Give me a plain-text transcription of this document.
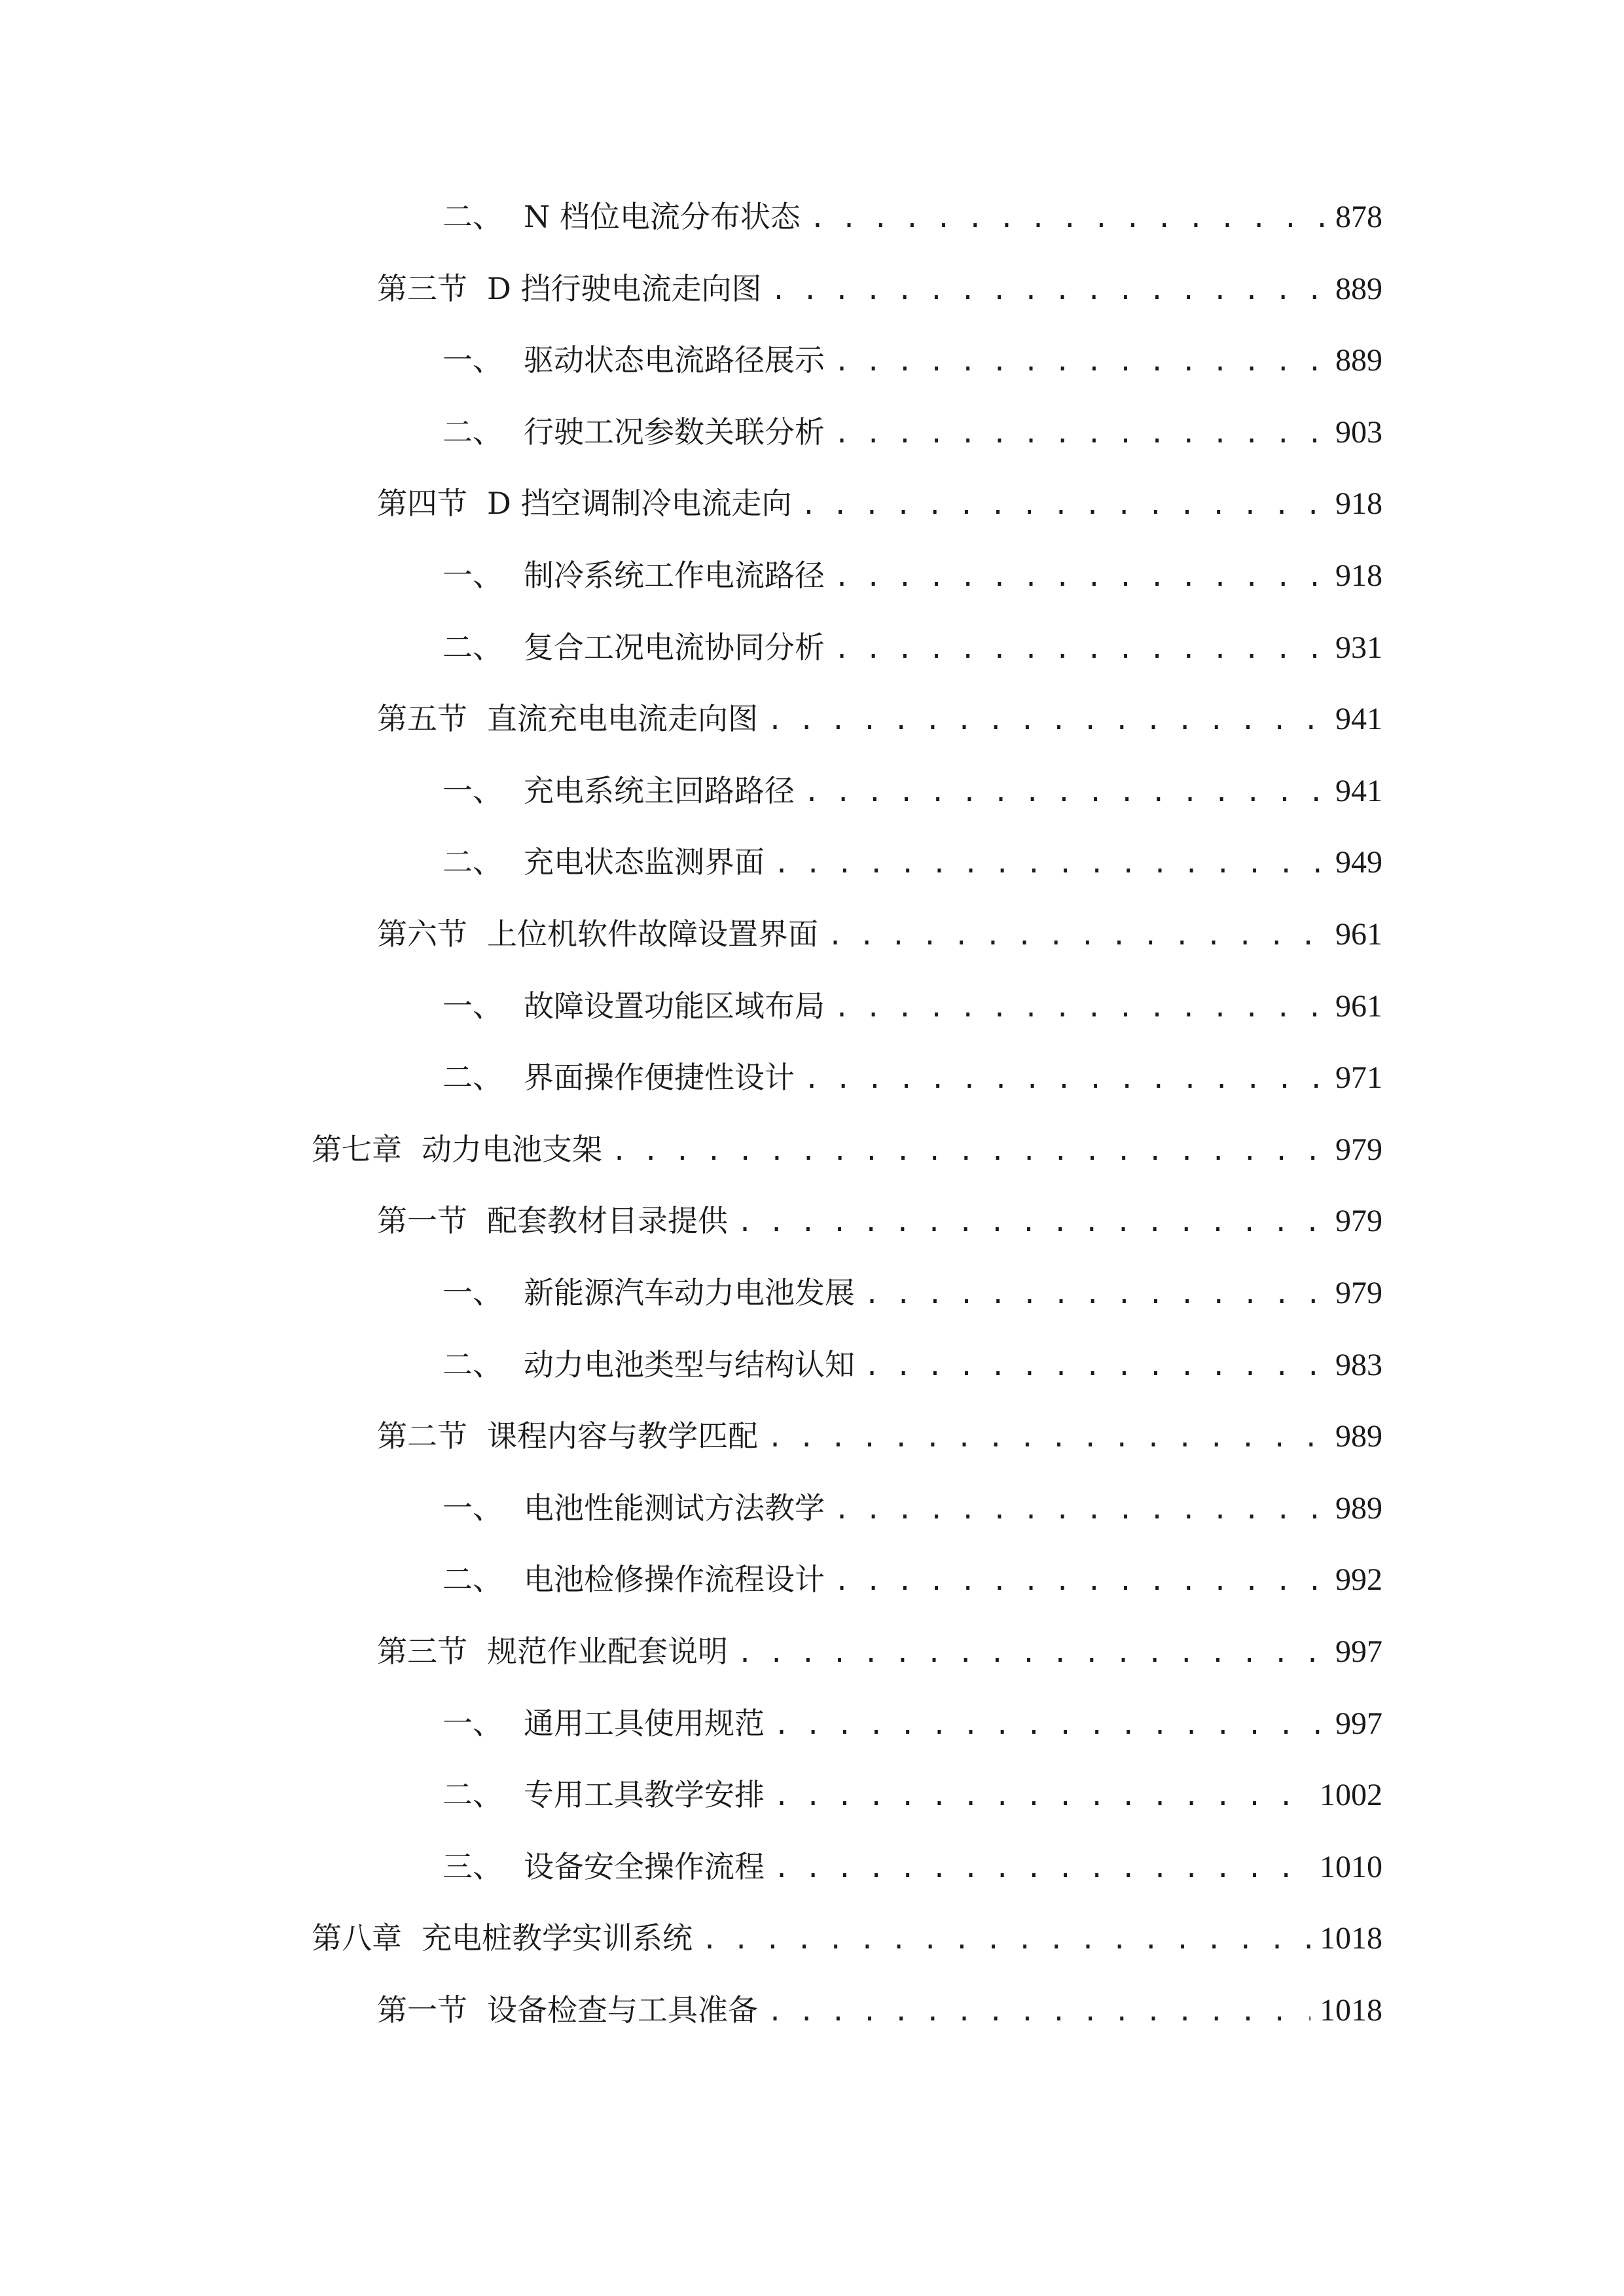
二、 N 档位电流分布状态 . . .	878
第三节 D 挡行驶电流走向图 . . .	889
一、 驱动状态电流路径展示 . . .	889
二、 行驶工况参数关联分析 . . .	903
第四节 D 挡空调制冷电流走向 . . .	918
一、 制冷系统工作电流路径 . . .	918
二、 复合工况电流协同分析 . . .	931
第五节 直流充电电流走向图 . . .	941
一、 充电系统主回路路径 . . .	941
二、 充电状态监测界面 . . .	949
第六节 上位机软件故障设置界面 . . .	961
一、 故障设置功能区域布局 . . .	961
二、 界面操作便捷性设计 . . .	971
第七章 动力电池支架 . . .	979
第一节 配套教材目录提供 . . .	979
一、 新能源汽车动力电池发展 . . .	979
二、 动力电池类型与结构认知 . . .	983
第二节 课程内容与教学匹配 . . .	989
一、 电池性能测试方法教学 . . .	989
二、 电池检修操作流程设计 . . .	992
第三节 规范作业配套说明 . . .	997
一、 通用工具使用规范 . . .	997
二、 专用工具教学安排 . . .	1002
三、 设备安全操作流程 . . .	1010
第八章 充电桩教学实训系统 . . .	1018
第一节 设备检查与工具准备 . . .	1018
